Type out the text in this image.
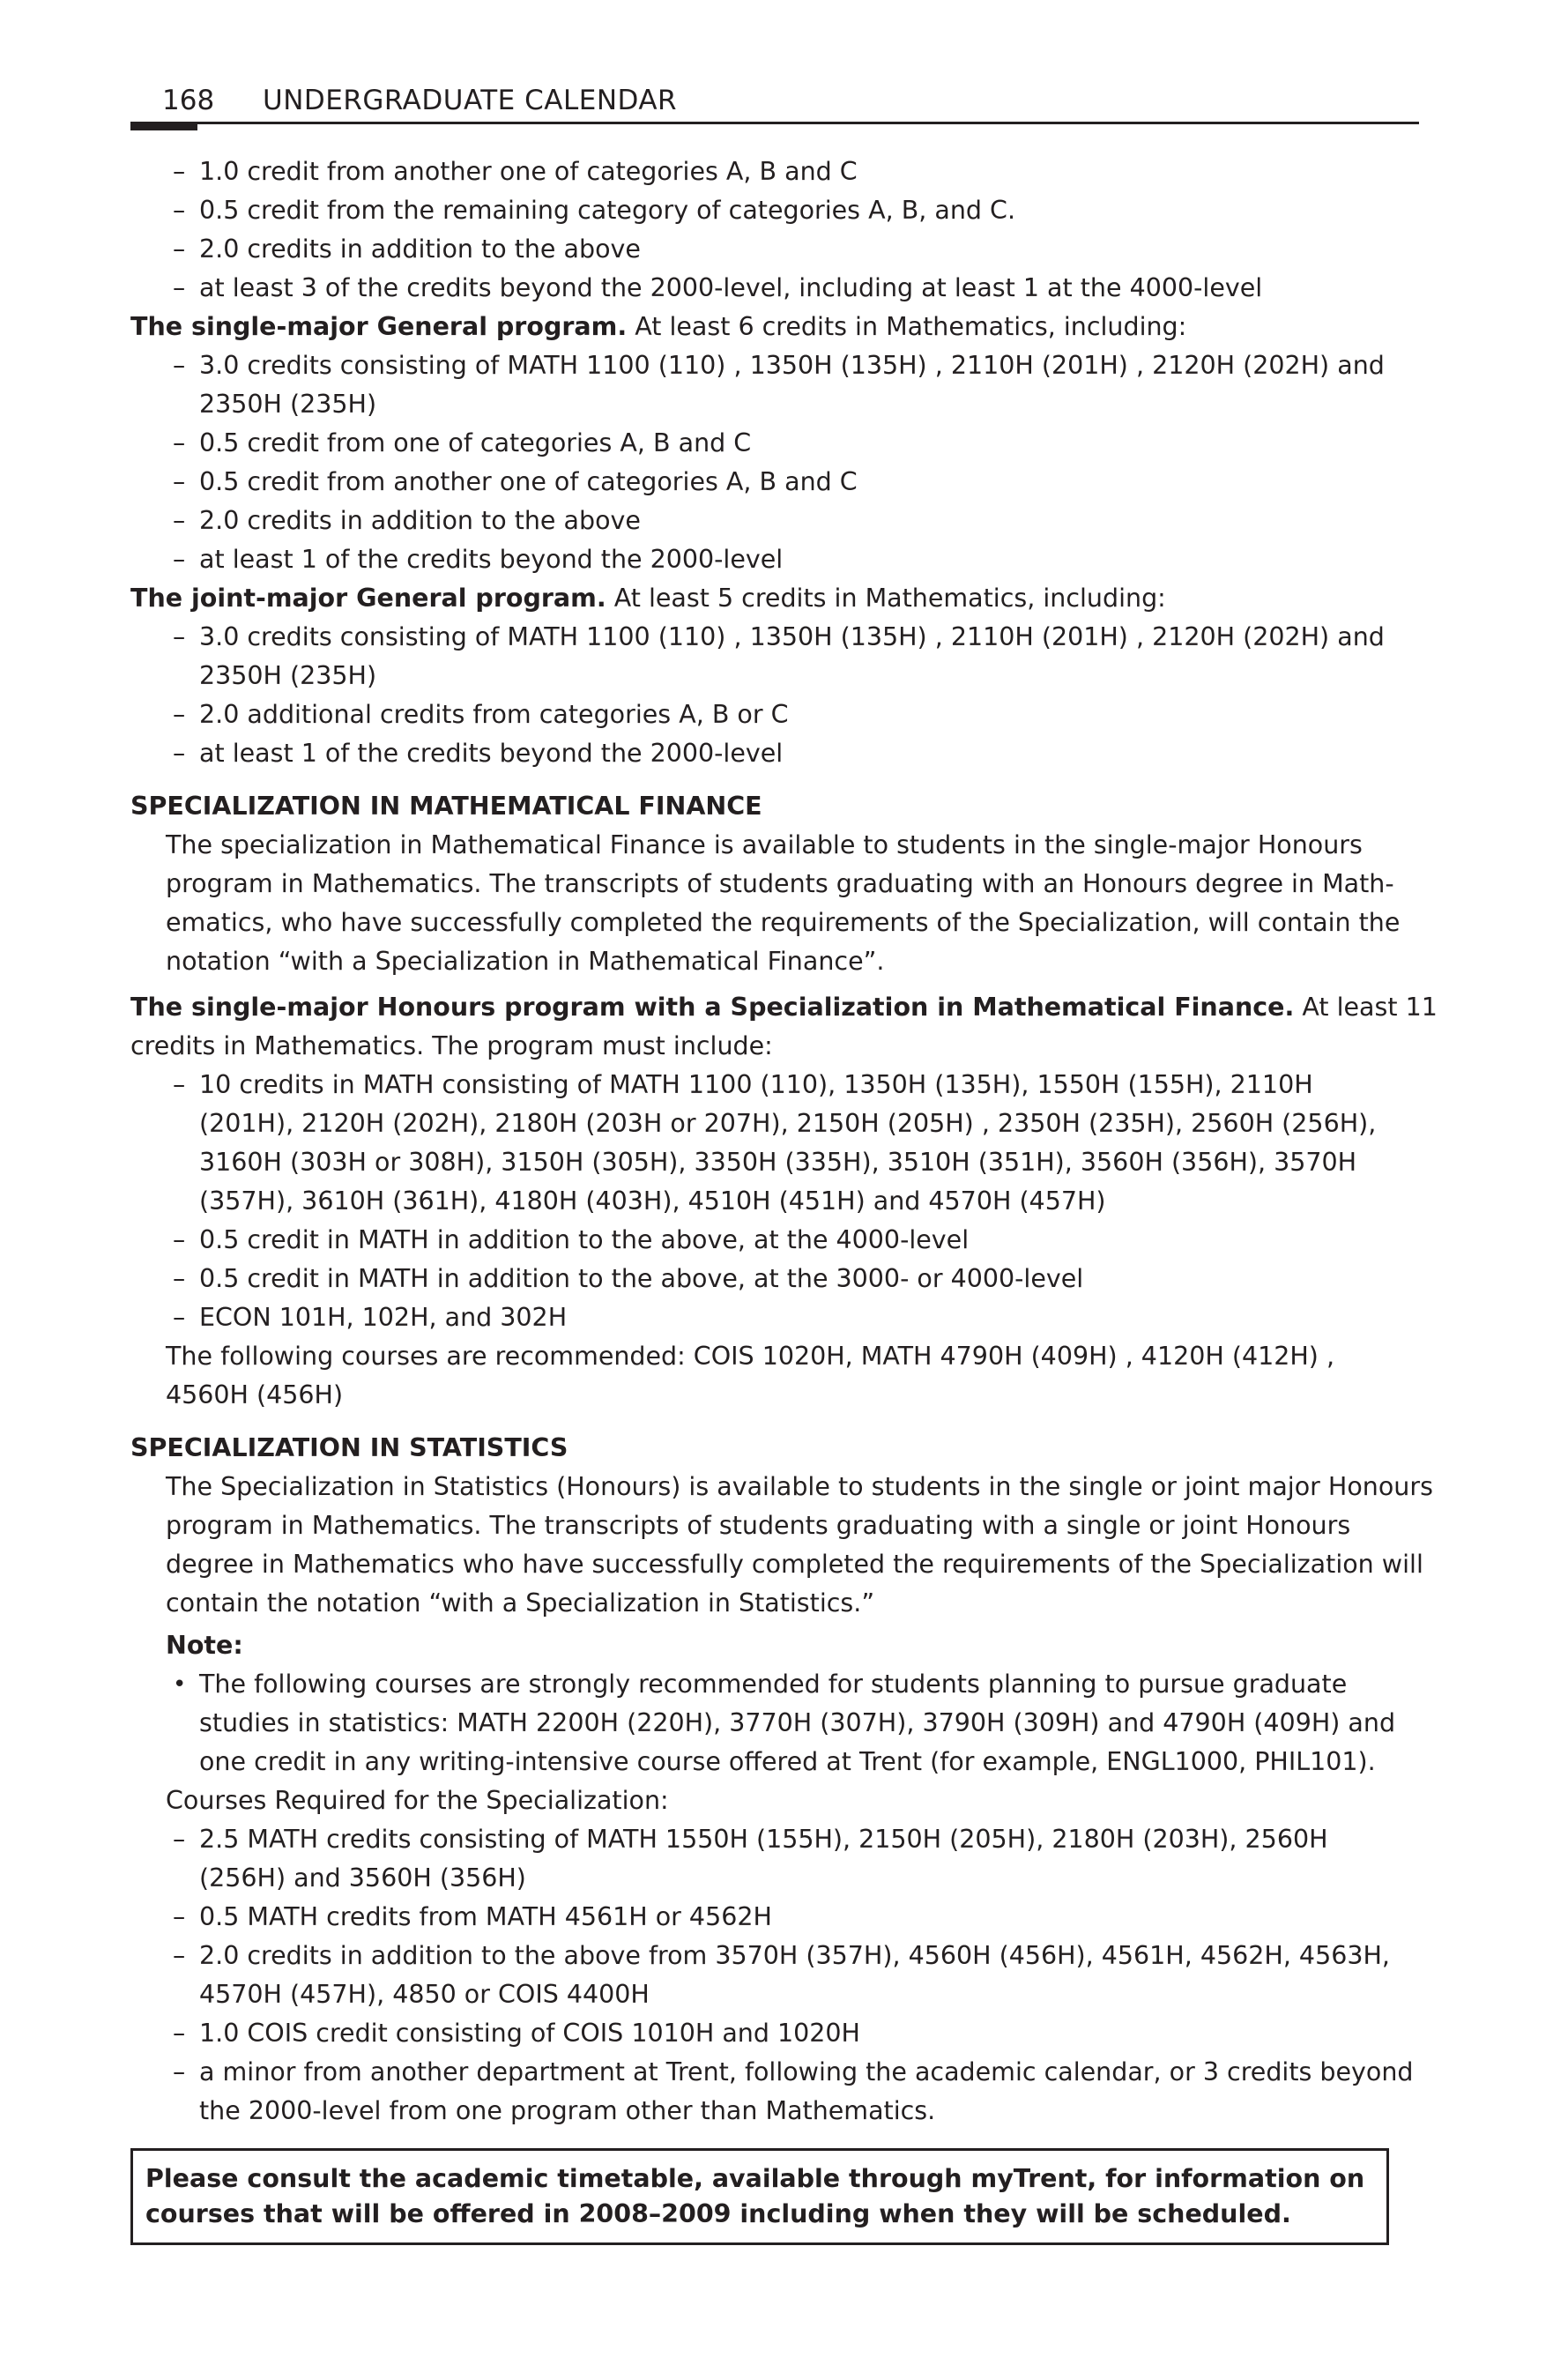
168 UNDERGRADUATE CALENDAR
– 1.0 credit from another one of categories A, B and C
– 0.5 credit from the remaining category of categories A, B, and C.
– 2.0 credits in addition to the above
– at least 3 of the credits beyond the 2000-level, including at least 1 at the 4000-level
The single-major General program. At least 6 credits in Mathematics, including:
– 3.0 credits consisting of MATH 1100 (110) , 1350H (135H) , 2110H (201H) , 2120H (202H) and
2350H (235H)
– 0.5 credit from one of categories A, B and C
– 0.5 credit from another one of categories A, B and C
– 2.0 credits in addition to the above
– at least 1 of the credits beyond the 2000-level
The joint-major General program. At least 5 credits in Mathematics, including:
– 3.0 credits consisting of MATH 1100 (110) , 1350H (135H) , 2110H (201H) , 2120H (202H) and
2350H (235H)
– 2.0 additional credits from categories A, B or C
– at least 1 of the credits beyond the 2000-level
SPECIALIZATION IN MATHEMATICAL FINANCE
The specialization in Mathematical Finance is available to students in the single-major Honours
program in Mathematics. The transcripts of students graduating with an Honours degree in Math-
ematics, who have successfully completed the requirements of the Specialization, will contain the
notation “with a Specialization in Mathematical Finance”.
The single-major Honours program with a Specialization in Mathematical Finance. At least 11
credits in Mathematics. The program must include:
– 10 credits in MATH consisting of MATH 1100 (110), 1350H (135H), 1550H (155H), 2110H
(201H), 2120H (202H), 2180H (203H or 207H), 2150H (205H) , 2350H (235H), 2560H (256H),
3160H (303H or 308H), 3150H (305H), 3350H (335H), 3510H (351H), 3560H (356H), 3570H
(357H), 3610H (361H), 4180H (403H), 4510H (451H) and 4570H (457H)
– 0.5 credit in MATH in addition to the above, at the 4000-level
– 0.5 credit in MATH in addition to the above, at the 3000- or 4000-level
– ECON 101H, 102H, and 302H
The following courses are recommended: COIS 1020H, MATH 4790H (409H) , 4120H (412H) ,
4560H (456H)
SPECIALIZATION IN STATISTICS
The Specialization in Statistics (Honours) is available to students in the single or joint major Honours
program in Mathematics. The transcripts of students graduating with a single or joint Honours
degree in Mathematics who have successfully completed the requirements of the Specialization will
contain the notation “with a Specialization in Statistics.”
Note:
• The following courses are strongly recommended for students planning to pursue graduate
studies in statistics: MATH 2200H (220H), 3770H (307H), 3790H (309H) and 4790H (409H) and
one credit in any writing-intensive course offered at Trent (for example, ENGL1000, PHIL101).
Courses Required for the Specialization:
– 2.5 MATH credits consisting of MATH 1550H (155H), 2150H (205H), 2180H (203H), 2560H
(256H) and 3560H (356H)
– 0.5 MATH credits from MATH 4561H or 4562H
– 2.0 credits in addition to the above from 3570H (357H), 4560H (456H), 4561H, 4562H, 4563H,
4570H (457H), 4850 or COIS 4400H
– 1.0 COIS credit consisting of COIS 1010H and 1020H
– a minor from another department at Trent, following the academic calendar, or 3 credits beyond
the 2000-level from one program other than Mathematics.
Please consult the academic timetable, available through myTrent, for information on
courses that will be offered in 2008–2009 including when they will be scheduled.
